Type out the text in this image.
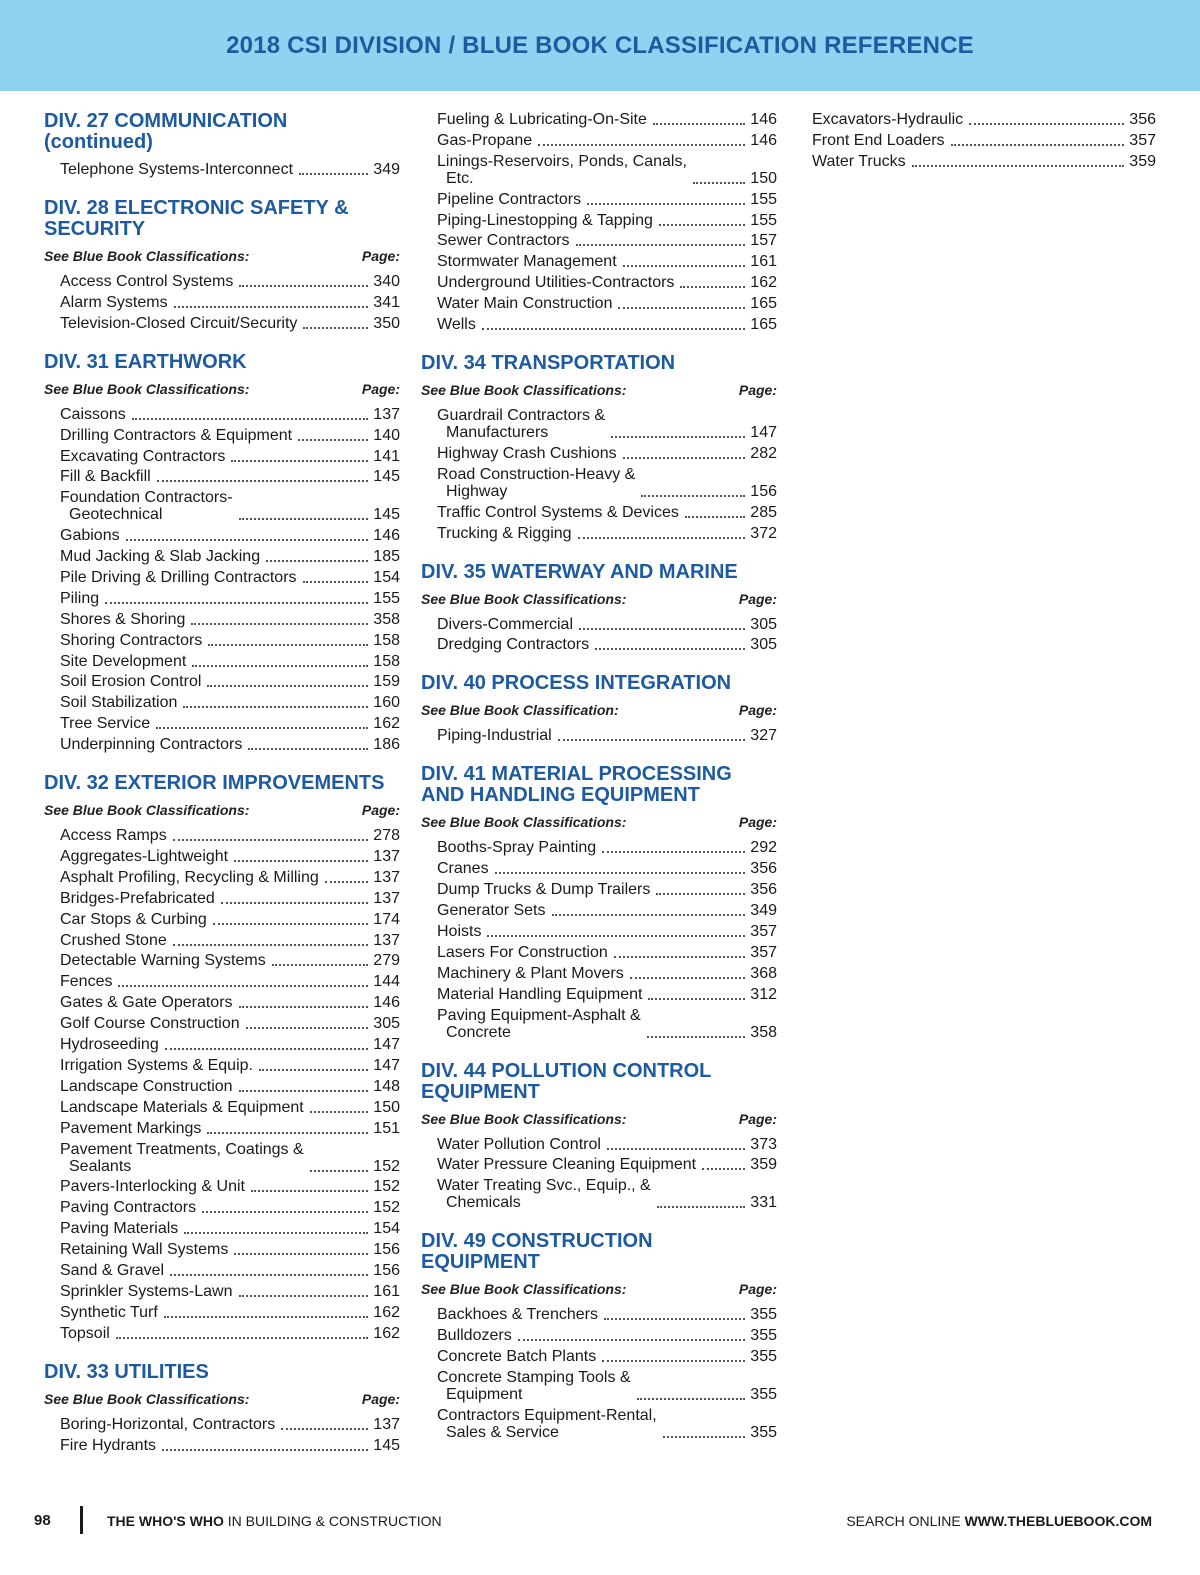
2018 CSI DIVISION / BLUE BOOK CLASSIFICATION REFERENCE
DIV. 27 COMMUNICATION
(continued)
Telephone Systems-Interconnect	349
DIV. 28 ELECTRONIC SAFETY &
SECURITY
See Blue Book Classifications:	Page:
Access Control Systems	340
Alarm Systems	341
Television-Closed Circuit/Security	350
DIV. 31 EARTHWORK
See Blue Book Classifications:	Page:
Caissons	137
Drilling Contractors & Equipment	140
Excavating Contractors	141
Fill & Backfill	145
Foundation Contractors-
Geotechnical	145
Gabions	146
Mud Jacking & Slab Jacking	185
Pile Driving & Drilling Contractors	154
Piling	155
Shores & Shoring	358
Shoring Contractors	158
Site Development	158
Soil Erosion Control	159
Soil Stabilization	160
Tree Service	162
Underpinning Contractors	186
DIV. 32 EXTERIOR IMPROVEMENTS
See Blue Book Classifications:	Page:
Access Ramps	278
Aggregates-Lightweight	137
Asphalt Profiling, Recycling & Milling	137
Bridges-Prefabricated	137
Car Stops & Curbing	174
Crushed Stone	137
Detectable Warning Systems	279
Fences	144
Gates & Gate Operators	146
Golf Course Construction	305
Hydroseeding	147
Irrigation Systems & Equip.	147
Landscape Construction	148
Landscape Materials & Equipment	150
Pavement Markings	151
Pavement Treatments, Coatings &
Sealants	152
Pavers-Interlocking & Unit	152
Paving Contractors	152
Paving Materials	154
Retaining Wall Systems	156
Sand & Gravel	156
Sprinkler Systems-Lawn	161
Synthetic Turf	162
Topsoil	162
DIV. 33 UTILITIES
See Blue Book Classifications:	Page:
Boring-Horizontal, Contractors	137
Fire Hydrants	145
Fueling & Lubricating-On-Site	146
Gas-Propane	146
Linings-Reservoirs, Ponds, Canals,
Etc.	150
Pipeline Contractors	155
Piping-Linestopping & Tapping	155
Sewer Contractors	157
Stormwater Management	161
Underground Utilities-Contractors	162
Water Main Construction	165
Wells	165
DIV. 34 TRANSPORTATION
See Blue Book Classifications:	Page:
Guardrail Contractors &
Manufacturers	147
Highway Crash Cushions	282
Road Construction-Heavy &
Highway	156
Traffic Control Systems & Devices	285
Trucking & Rigging	372
DIV. 35 WATERWAY AND MARINE
See Blue Book Classifications:	Page:
Divers-Commercial	305
Dredging Contractors	305
DIV. 40 PROCESS INTEGRATION
See Blue Book Classification:	Page:
Piping-Industrial	327
DIV. 41 MATERIAL PROCESSING
AND HANDLING EQUIPMENT
See Blue Book Classifications:	Page:
Booths-Spray Painting	292
Cranes	356
Dump Trucks & Dump Trailers	356
Generator Sets	349
Hoists	357
Lasers For Construction	357
Machinery & Plant Movers	368
Material Handling Equipment	312
Paving Equipment-Asphalt &
Concrete	358
DIV. 44 POLLUTION CONTROL
EQUIPMENT
See Blue Book Classifications:	Page:
Water Pollution Control	373
Water Pressure Cleaning Equipment	359
Water Treating Svc., Equip., &
Chemicals	331
DIV. 49 CONSTRUCTION
EQUIPMENT
See Blue Book Classifications:	Page:
Backhoes & Trenchers	355
Bulldozers	355
Concrete Batch Plants	355
Concrete Stamping Tools &
Equipment	355
Contractors Equipment-Rental,
Sales & Service	355
Excavators-Hydraulic	356
Front End Loaders	357
Water Trucks	359
98	THE WHO'S WHO IN BUILDING & CONSTRUCTION	SEARCH ONLINE WWW.THEBLUEBOOK.COM
